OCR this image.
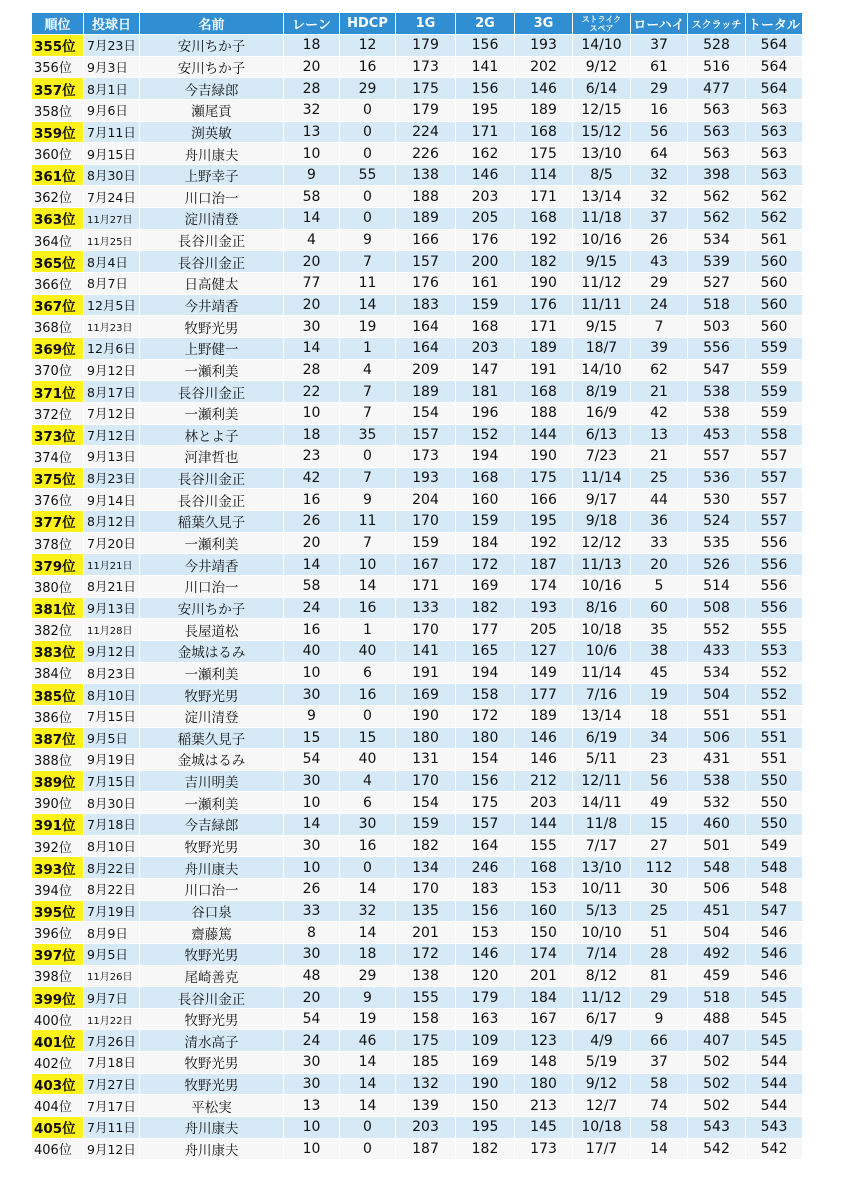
順位	投球日	名前	レーン	HDCP	1G	2G	3G	ストライク
スペア	ローハイ	スクラッチ	トータル
355位	7月23日	安川ちか子	18	12	179	156	193	14/10	37	528	564
356位	9月3日	安川ちか子	20	16	173	141	202	9/12	61	516	564
357位	8月1日	今吉緑郎	28	29	175	156	146	6/14	29	477	564
358位	9月6日	瀬尾貢	32	0	179	195	189	12/15	16	563	563
359位	7月11日	渕英敏	13	0	224	171	168	15/12	56	563	563
360位	9月15日	舟川康夫	10	0	226	162	175	13/10	64	563	563
361位	8月30日	上野幸子	9	55	138	146	114	8/5	32	398	563
362位	7月24日	川口治一	58	0	188	203	171	13/14	32	562	562
363位	11月27日	淀川清登	14	0	189	205	168	11/18	37	562	562
364位	11月25日	長谷川金正	4	9	166	176	192	10/16	26	534	561
365位	8月4日	長谷川金正	20	7	157	200	182	9/15	43	539	560
366位	8月7日	日高健太	77	11	176	161	190	11/12	29	527	560
367位	12月5日	今井靖香	20	14	183	159	176	11/11	24	518	560
368位	11月23日	牧野光男	30	19	164	168	171	9/15	7	503	560
369位	12月6日	上野健一	14	1	164	203	189	18/7	39	556	559
370位	9月12日	一瀬利美	28	4	209	147	191	14/10	62	547	559
371位	8月17日	長谷川金正	22	7	189	181	168	8/19	21	538	559
372位	7月12日	一瀬利美	10	7	154	196	188	16/9	42	538	559
373位	7月12日	林とよ子	18	35	157	152	144	6/13	13	453	558
374位	9月13日	河津哲也	23	0	173	194	190	7/23	21	557	557
375位	8月23日	長谷川金正	42	7	193	168	175	11/14	25	536	557
376位	9月14日	長谷川金正	16	9	204	160	166	9/17	44	530	557
377位	8月12日	稲葉久見子	26	11	170	159	195	9/18	36	524	557
378位	7月20日	一瀬利美	20	7	159	184	192	12/12	33	535	556
379位	11月21日	今井靖香	14	10	167	172	187	11/13	20	526	556
380位	8月21日	川口治一	58	14	171	169	174	10/16	5	514	556
381位	9月13日	安川ちか子	24	16	133	182	193	8/16	60	508	556
382位	11月28日	長屋道松	16	1	170	177	205	10/18	35	552	555
383位	9月12日	金城はるみ	40	40	141	165	127	10/6	38	433	553
384位	8月23日	一瀬利美	10	6	191	194	149	11/14	45	534	552
385位	8月10日	牧野光男	30	16	169	158	177	7/16	19	504	552
386位	7月15日	淀川清登	9	0	190	172	189	13/14	18	551	551
387位	9月5日	稲葉久見子	15	15	180	180	146	6/19	34	506	551
388位	9月19日	金城はるみ	54	40	131	154	146	5/11	23	431	551
389位	7月15日	吉川明美	30	4	170	156	212	12/11	56	538	550
390位	8月30日	一瀬利美	10	6	154	175	203	14/11	49	532	550
391位	7月18日	今吉緑郎	14	30	159	157	144	11/8	15	460	550
392位	8月10日	牧野光男	30	16	182	164	155	7/17	27	501	549
393位	8月22日	舟川康夫	10	0	134	246	168	13/10	112	548	548
394位	8月22日	川口治一	26	14	170	183	153	10/11	30	506	548
395位	7月19日	谷口泉	33	32	135	156	160	5/13	25	451	547
396位	8月9日	齋藤篤	8	14	201	153	150	10/10	51	504	546
397位	9月5日	牧野光男	30	18	172	146	174	7/14	28	492	546
398位	11月26日	尾崎善克	48	29	138	120	201	8/12	81	459	546
399位	9月7日	長谷川金正	20	9	155	179	184	11/12	29	518	545
400位	11月22日	牧野光男	54	19	158	163	167	6/17	9	488	545
401位	7月26日	清水高子	24	46	175	109	123	4/9	66	407	545
402位	7月18日	牧野光男	30	14	185	169	148	5/19	37	502	544
403位	7月27日	牧野光男	30	14	132	190	180	9/12	58	502	544
404位	7月17日	平松実	13	14	139	150	213	12/7	74	502	544
405位	7月11日	舟川康夫	10	0	203	195	145	10/18	58	543	543
406位	9月12日	舟川康夫	10	0	187	182	173	17/7	14	542	542
